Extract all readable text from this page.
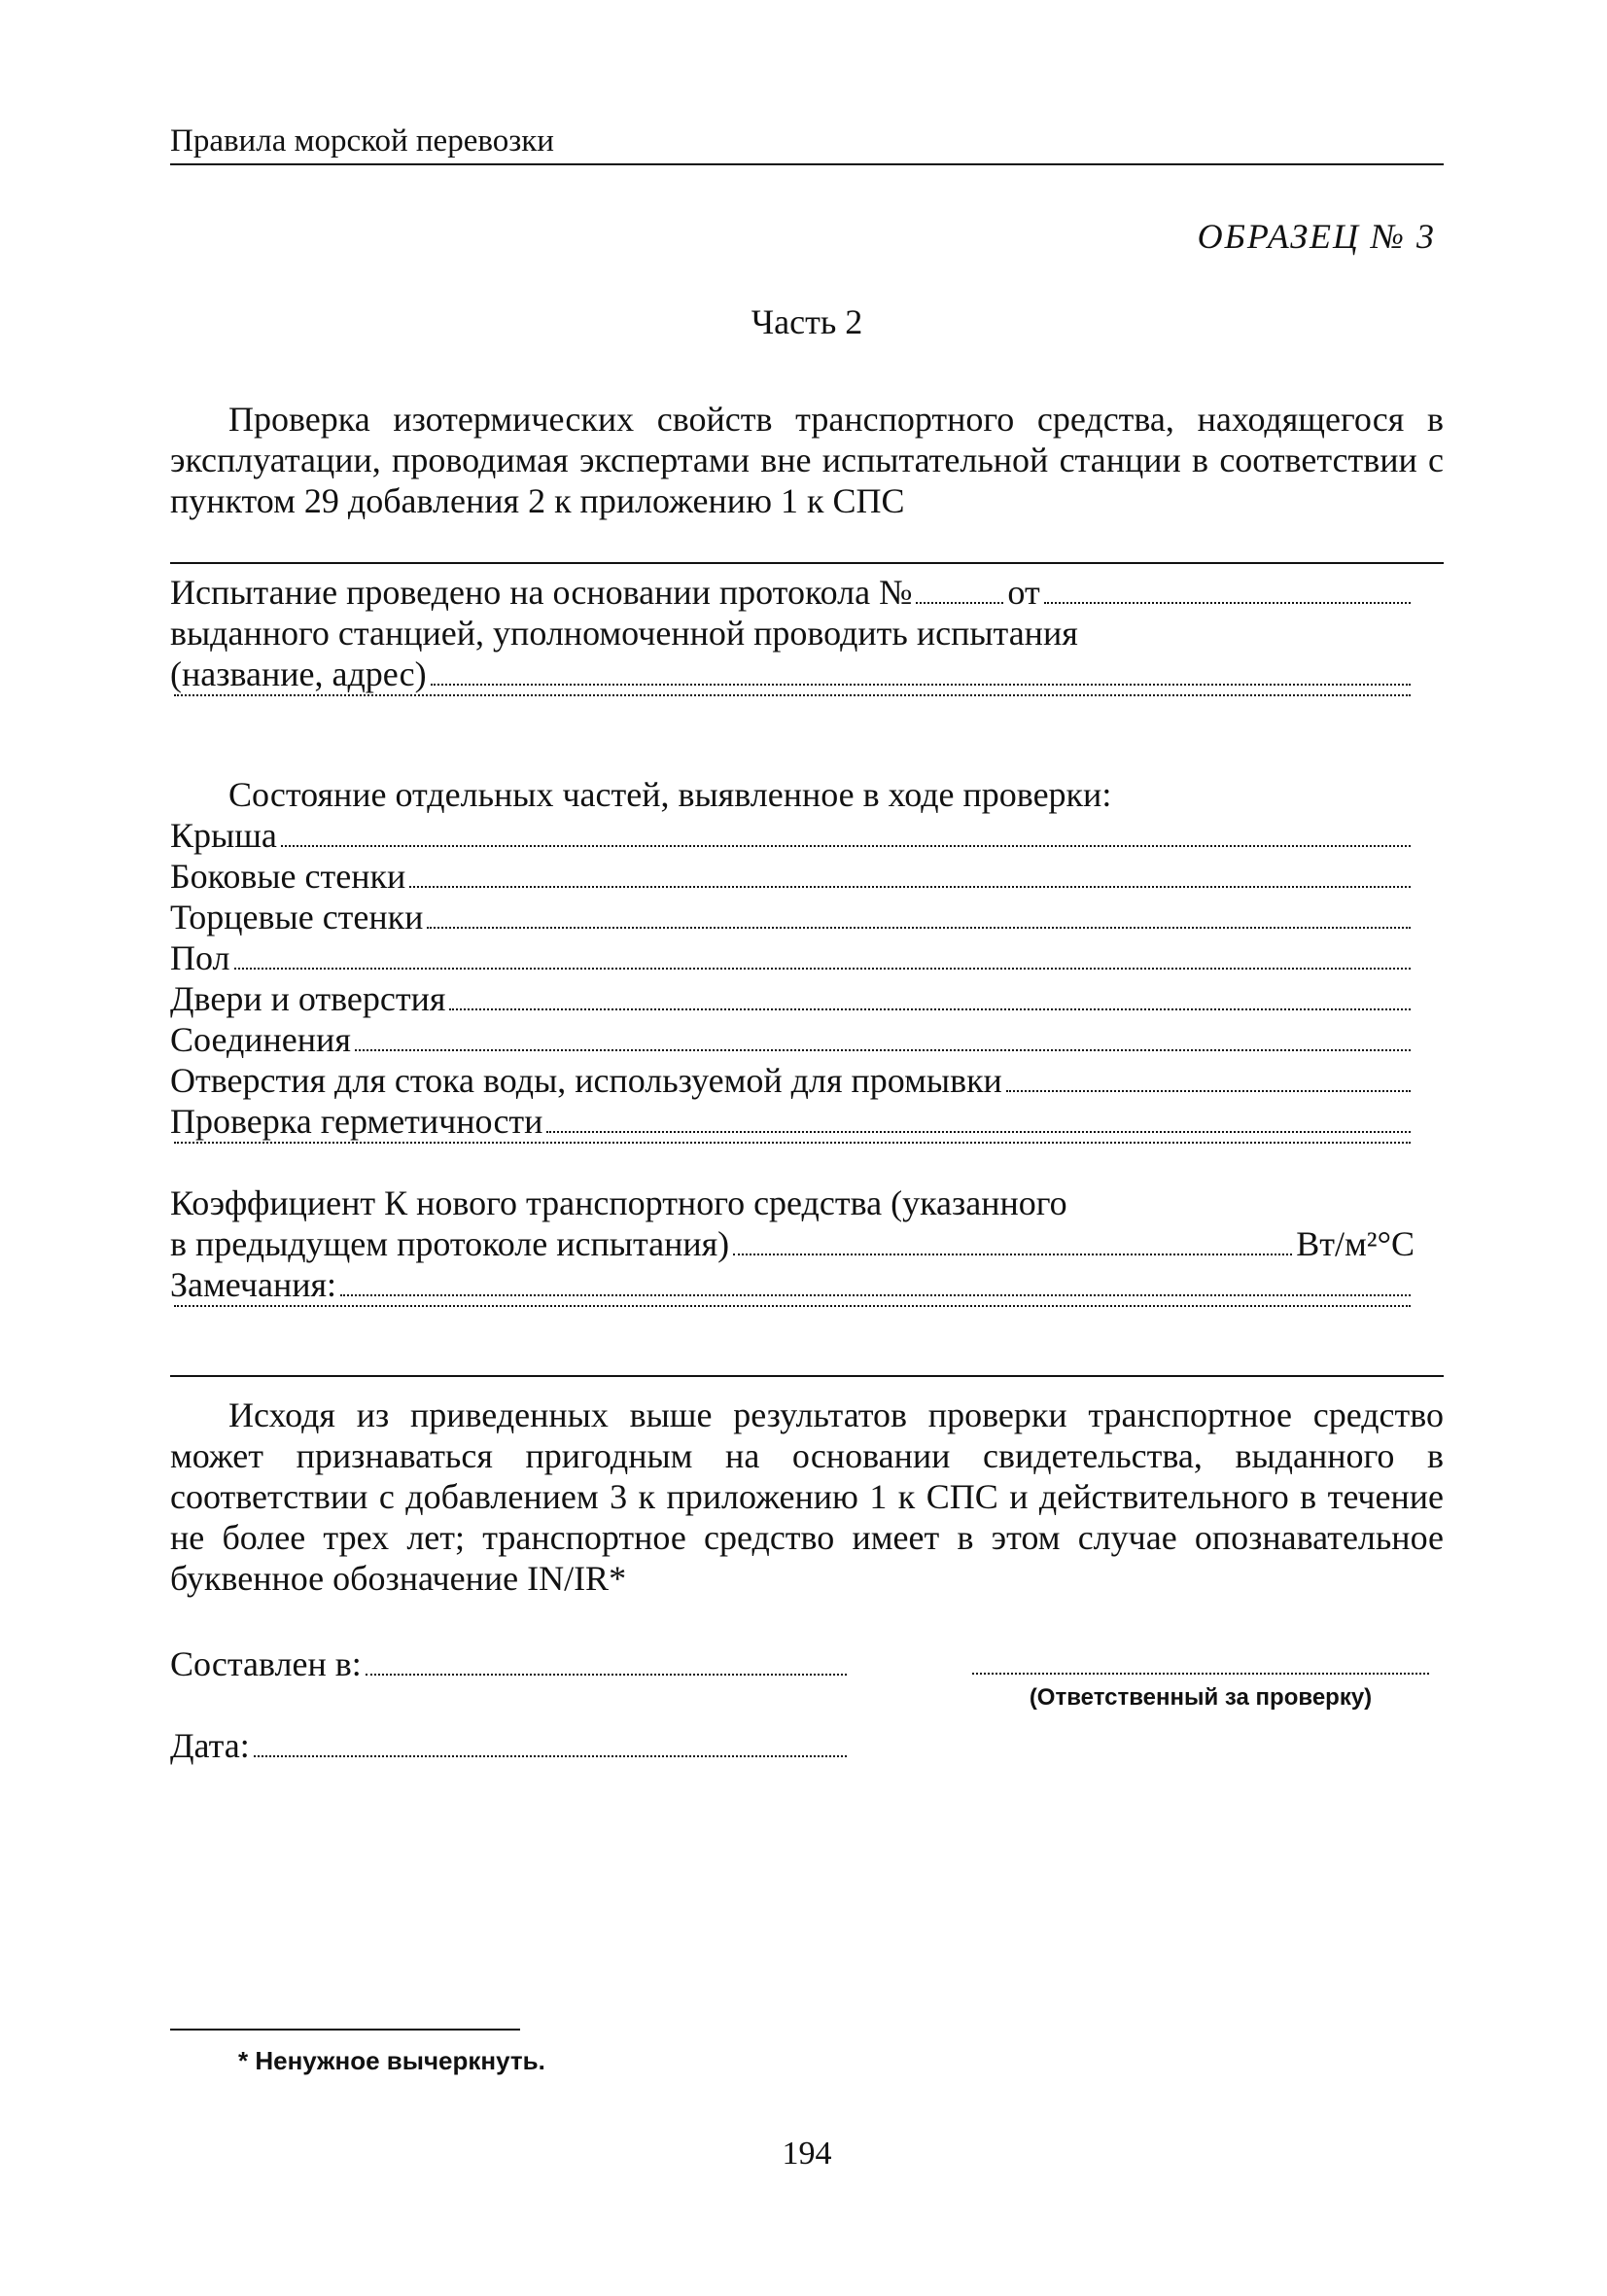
Правила морской перевозки
ОБРАЗЕЦ № 3
Часть 2
Проверка изотермических свойств транспортного средства, находящегося в эксплуатации, проводимая экспертами вне испытательной станции в соответствии с пунктом 29 добавления 2 к приложению 1 к СПС
Испытание проведено на основании протокола №	от
выданного станцией, уполномоченной проводить испытания
(название, адрес)
Состояние отдельных частей, выявленное в ходе проверки:
Крыша
Боковые стенки
Торцевые стенки
Пол
Двери и отверстия
Соединения
Отверстия для стока воды, используемой для промывки
Проверка герметичности
Коэффициент К нового транспортного средства (указанного
в предыдущем протоколе испытания)	Вт/м²°C
Замечания:
Исходя из приведенных выше результатов проверки транспортное средство может признаваться пригодным на основании свидетельства, выданного в соответствии с добавлением 3 к приложению 1 к СПС и действительного в течение не более трех лет; транспортное средство имеет в этом случае опознавательное буквенное обозначение IN/IR*
Составлен в:
Дата:
(Ответственный за проверку)
* Ненужное вычеркнуть.
194
